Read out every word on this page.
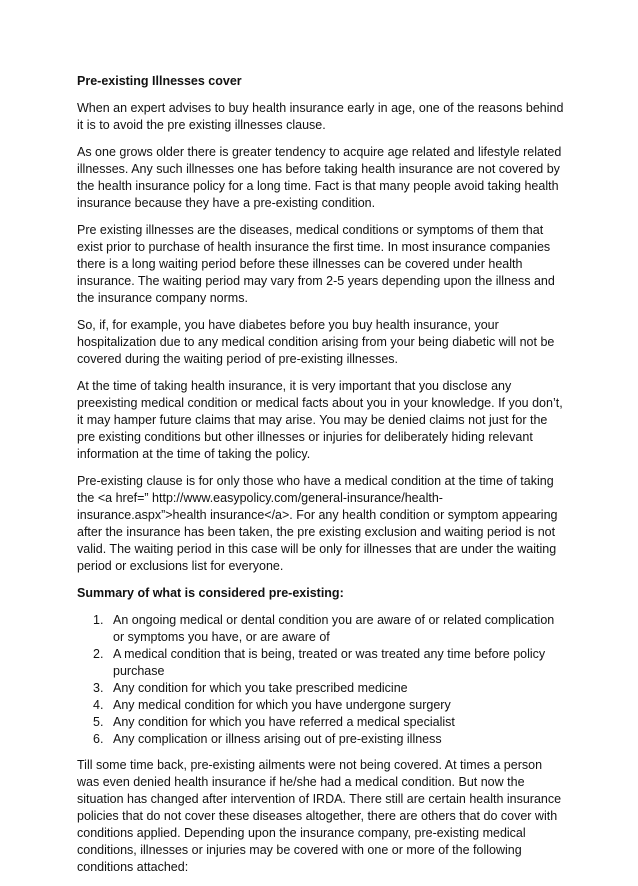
Pre-existing Illnesses cover
When an expert advises to buy health insurance early in age, one of the reasons behind it is to avoid the pre existing illnesses clause.
As one grows older there is greater tendency to acquire age related and lifestyle related illnesses. Any such illnesses one has before taking health insurance are not covered by the health insurance policy for a long time. Fact is that many people avoid taking health insurance because they have a pre-existing condition.
Pre existing illnesses are the diseases, medical conditions or symptoms of them that exist prior to purchase of health insurance the first time. In most insurance companies there is a long waiting period before these illnesses can be covered under health insurance. The waiting period may vary from 2-5 years depending upon the illness and the insurance company norms.
So, if, for example, you have diabetes before you buy health insurance, your hospitalization due to any medical condition arising from your being diabetic will not be covered during the waiting period of pre-existing illnesses.
At the time of taking health insurance, it is very important that you disclose any preexisting medical condition or medical facts about you in your knowledge. If you don’t, it may hamper future claims that may arise. You may be denied claims not just for the pre existing conditions but other illnesses or injuries for deliberately hiding relevant information at the time of taking the policy.
Pre-existing clause is for only those who have a medical condition at the time of taking the <a href=” http://www.easypolicy.com/general-insurance/health-insurance.aspx”>health insurance</a>. For any health condition or symptom appearing after the insurance has been taken, the pre existing exclusion and waiting period is not valid. The waiting period in this case will be only for illnesses that are under the waiting period or exclusions list for everyone.
Summary of what is considered pre-existing:
1. An ongoing medical or dental condition you are aware of or related complication or symptoms you have, or are aware of
2. A medical condition that is being, treated or was treated any time before policy purchase
3. Any condition for which you take prescribed medicine
4. Any medical condition for which you have undergone surgery
5. Any condition for which you have referred a medical specialist
6. Any complication or illness arising out of pre-existing illness
Till some time back, pre-existing ailments were not being covered. At times a person was even denied health insurance if he/she had a medical condition. But now the situation has changed after intervention of IRDA. There still are certain health insurance policies that do not cover these diseases altogether, there are others that do cover with conditions applied. Depending upon the insurance company, pre-existing medical conditions, illnesses or injuries may be covered with one or more of the following conditions attached:
